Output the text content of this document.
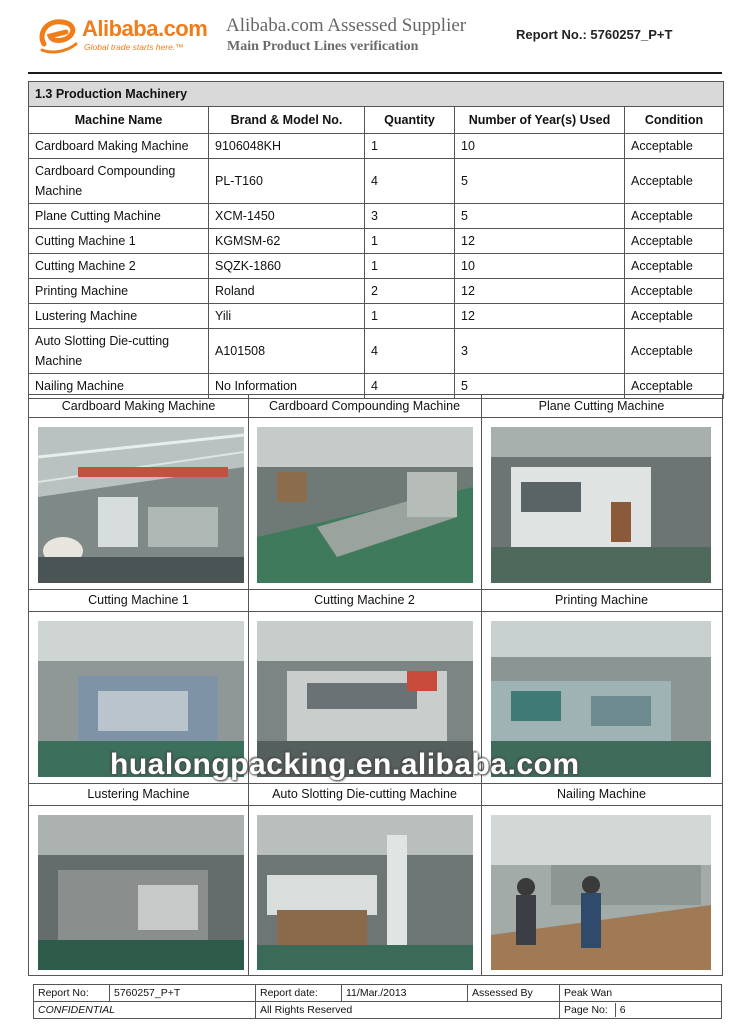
Alibaba.com
Global trade starts here.™
Alibaba.com Assessed Supplier
Main Product Lines verification
Report No.: 5760257_P+T
1.3 Production Machinery				
Machine Name	Brand & Model No.	Quantity	Number of Year(s) Used	Condition
Cardboard Making Machine	9106048KH	1	10	Acceptable
Cardboard Compounding Machine	PL-T160	4	5	Acceptable
Plane Cutting Machine	XCM-1450	3	5	Acceptable
Cutting Machine 1	KGMSM-62	1	12	Acceptable
Cutting Machine 2	SQZK-1860	1	10	Acceptable
Printing Machine	Roland	2	12	Acceptable
Lustering Machine	Yili	1	12	Acceptable
Auto Slotting Die-cutting Machine	A101508	4	3	Acceptable
Nailing Machine	No Information	4	5	Acceptable
Cardboard Making Machine	Cardboard Compounding Machine	Plane Cutting Machine
Cutting Machine 1	Cutting Machine 2	Printing Machine
Lustering Machine	Auto Slotting Die-cutting Machine	Nailing Machine
hualongpacking.en.alibaba.com
Report No:	5760257_P+T	Report date:	11/Mar./2013	Assessed By	Peak Wan
CONFIDENTIAL		All Rights Reserved			Page No: 6
